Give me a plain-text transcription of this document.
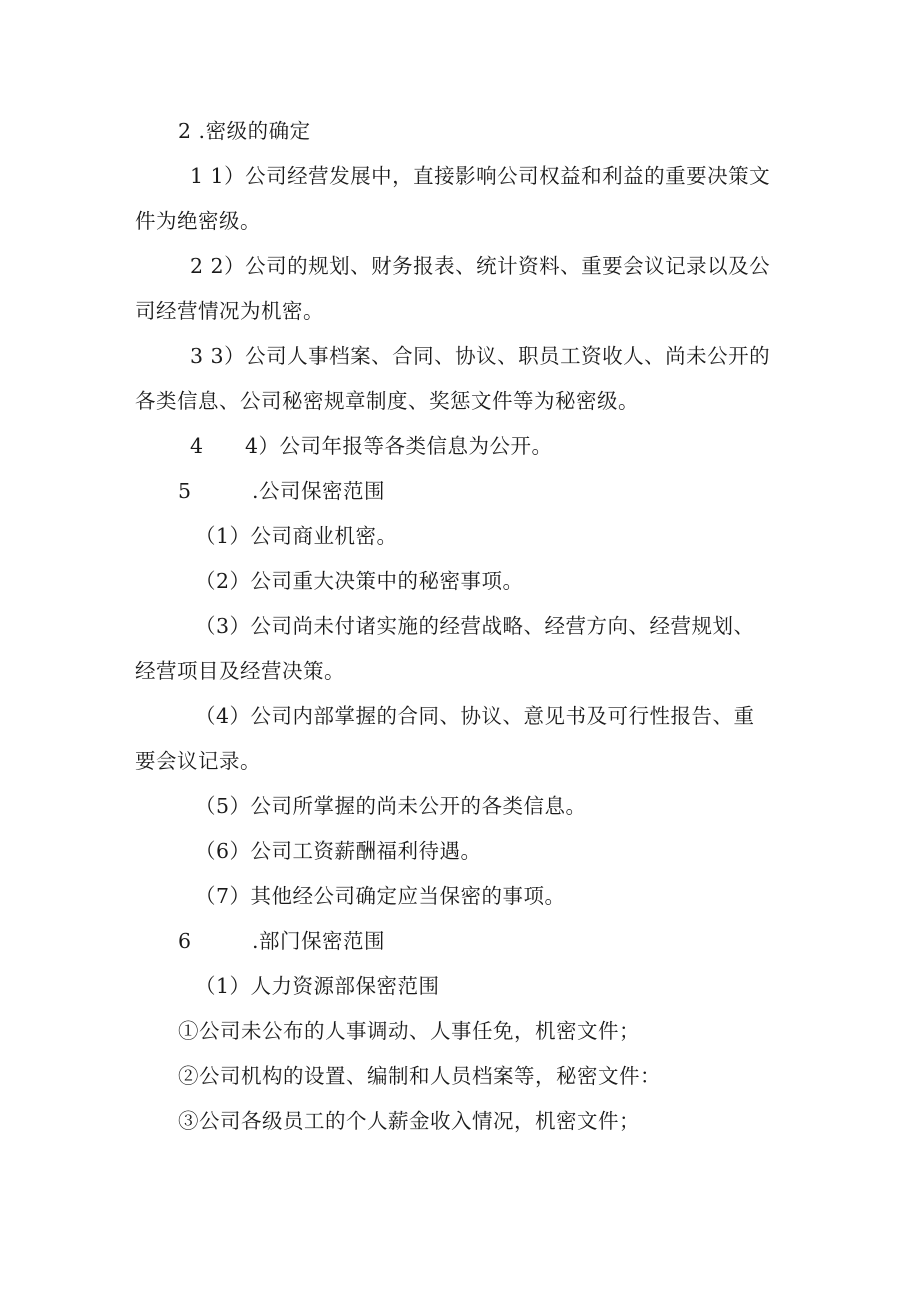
2 .密级的确定
1 1）公司经营发展中，直接影响公司权益和利益的重要决策文
件为绝密级。
2 2）公司的规划、财务报表、统计资料、重要会议记录以及公
司经营情况为机密。
3 3）公司人事档案、合同、协议、职员工资收人、尚未公开的
各类信息、公司秘密规章制度、奖惩文件等为秘密级。
4 4）公司年报等各类信息为公开。
5	.公司保密范围
（1）公司商业机密。
（2）公司重大决策中的秘密事项。
（3）公司尚未付诸实施的经营战略、经营方向、经营规划、
经营项目及经营决策。
（4）公司内部掌握的合同、协议、意见书及可行性报告、重
要会议记录。
（5）公司所掌握的尚未公开的各类信息。
（6）公司工资薪酬福利待遇。
（7）其他经公司确定应当保密的事项。
6	.部门保密范围
（1）人力资源部保密范围
①公司未公布的人事调动、人事任免，机密文件；
②公司机构的设置、编制和人员档案等，秘密文件：
③公司各级员工的个人薪金收入情况，机密文件；
